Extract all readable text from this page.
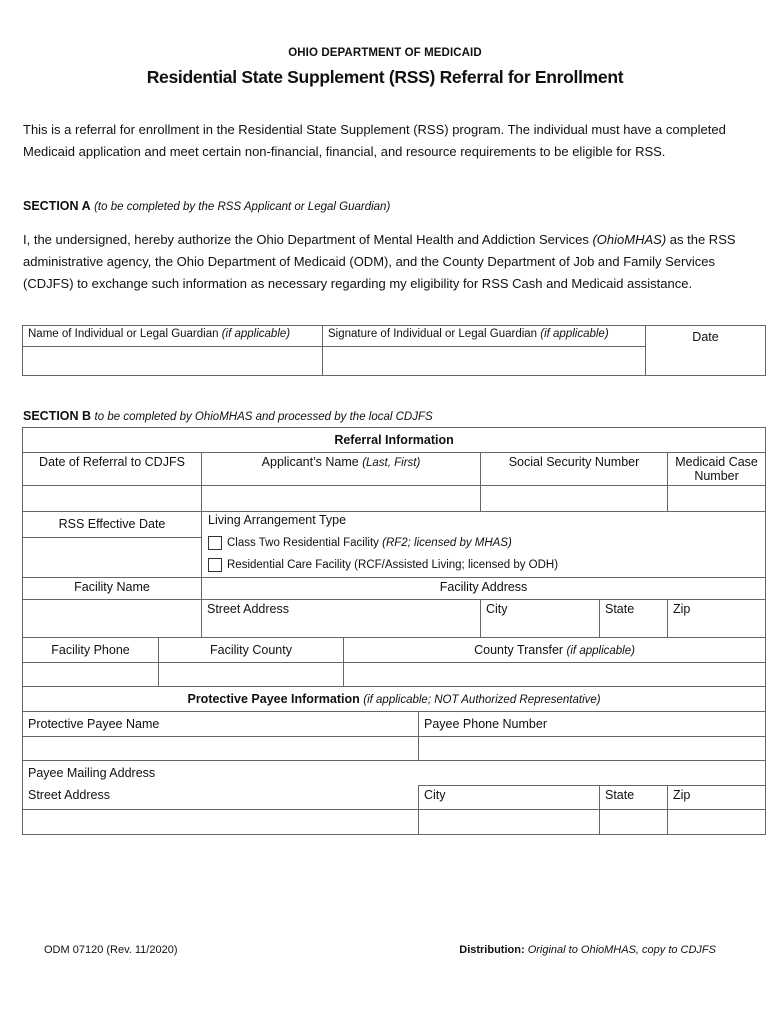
OHIO DEPARTMENT OF MEDICAID
Residential State Supplement (RSS) Referral for Enrollment
This is a referral for enrollment in the Residential State Supplement (RSS) program. The individual must have a completed Medicaid application and meet certain non-financial, financial, and resource requirements to be eligible for RSS.
SECTION A (to be completed by the RSS Applicant or Legal Guardian)
I, the undersigned, hereby authorize the Ohio Department of Mental Health and Addiction Services (OhioMHAS) as the RSS administrative agency, the Ohio Department of Medicaid (ODM), and the County Department of Job and Family Services (CDJFS) to exchange such information as necessary regarding my eligibility for RSS Cash and Medicaid assistance.
Name of Individual or Legal Guardian (if applicable)	Signature of Individual or Legal Guardian (if applicable)	Date

SECTION B to be completed by OhioMHAS and processed by the local CDJFS
Referral Information							
Date of Referral to CDJFS		Applicant’s Name (Last, First)			Social Security Number		Medicaid Case Number

RSS Effective Date		Living Arrangement Type
Class Two Residential Facility
(RF2; licensed by MHAS)
Residential Care Facility (RCF/Assisted Living; licensed by ODH)					

Facility Name		Facility Address					
		Street Address			City	State	Zip
Facility Phone	Facility County		County Transfer (if applicable)				

Protective Payee Information (if applicable; NOT Authorized Representative)							
Protective Payee Name				Payee Phone Number			

Payee Mailing Address							
Street Address				City		State	Zip

ODM 07120 (Rev. 11/2020)	Distribution: Original to OhioMHAS, copy to CDJFS
